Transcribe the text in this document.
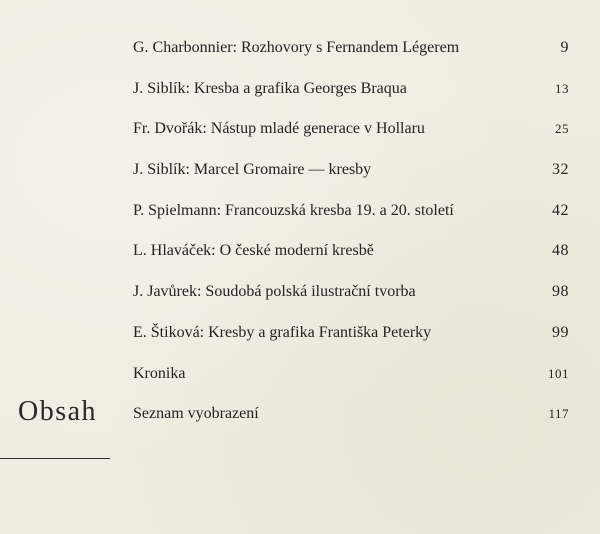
G. Charbonnier: Rozhovory s Fernandem Légerem	9
J. Siblík: Kresba a grafika Georges Braqua	13
Fr. Dvořák: Nástup mladé generace v Hollaru	25
J. Siblík: Marcel Gromaire — kresby	32
P. Spielmann: Francouzská kresba 19. a 20. století	42
L. Hlaváček: O české moderní kresbě	48
J. Javůrek: Soudobá polská ilustrační tvorba	98
E. Štiková: Kresby a grafika Františka Peterky	99
Kronika	101
Seznam vyobrazení	117
Obsah
